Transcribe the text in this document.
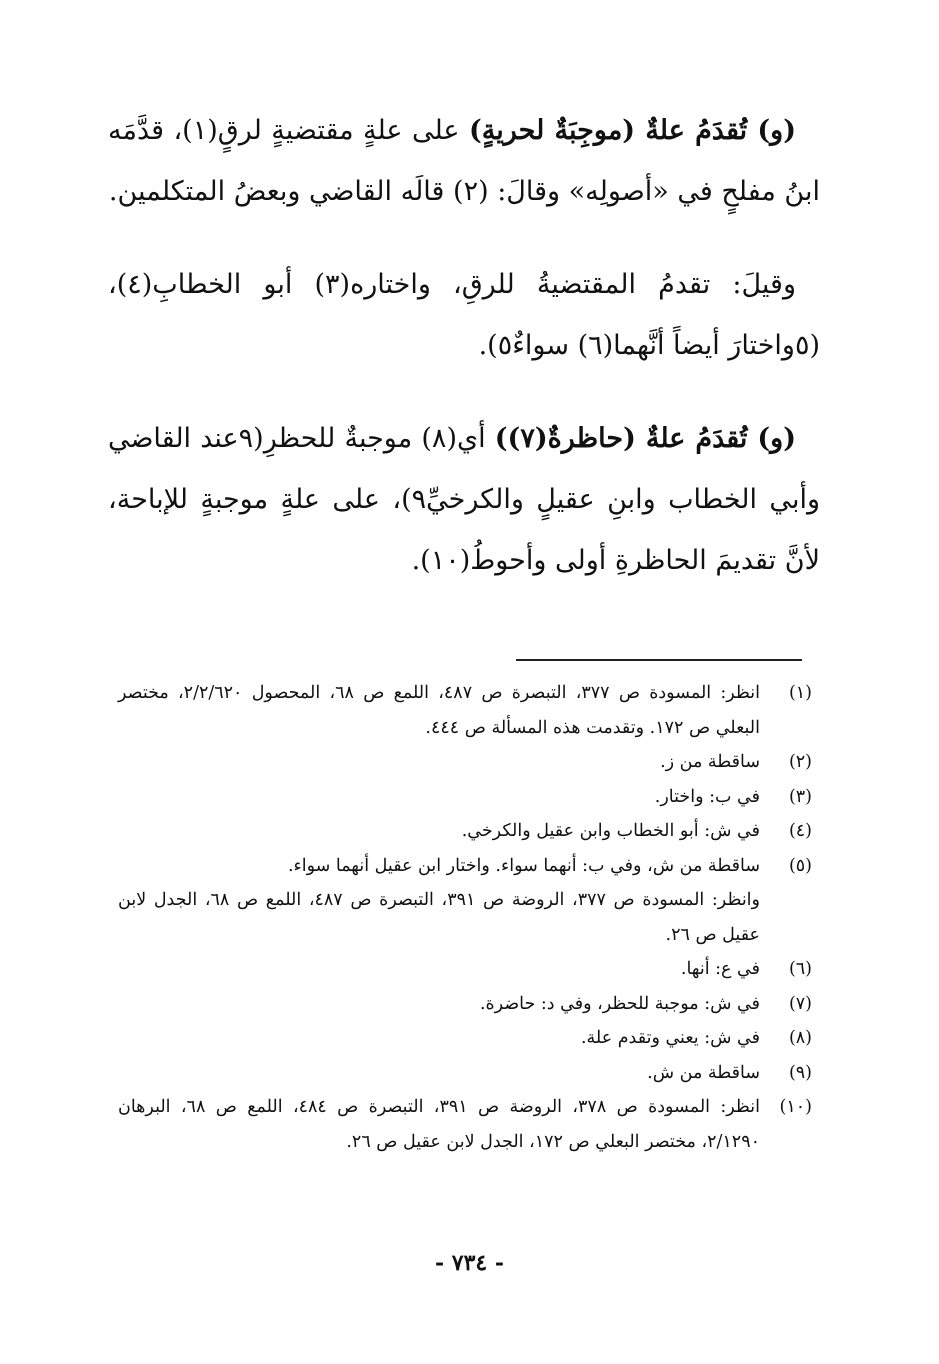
(و) تُقدَمُ علةٌ (موجِبَةٌ لحريةٍ) على علةٍ مقتضيةٍ لرقٍ(١)، قدَّمَه ابنُ مفلحٍ في «أصولِه» وقالَ: (٢) قالَه القاضي وبعضُ المتكلمين.

وقيلَ: تقدمُ المقتضيةُ للرقِ، واختاره(٣) أبو الخطابِ(٤)، (٥واختارَ أيضاً أنَّهما(٦) سواءٌ٥).

(و) تُقدَمُ علةٌ (حاظرةٌ(٧)) أي(٨) موجبةٌ للحظرِ(٩عند القاضي وأبي الخطاب وابنِ عقيلٍ والكرخيِّ٩)، على علةٍ موجبةٍ للإباحة، لأنَّ تقديمَ الحاظرةِ أولى وأحوطُ(١٠).

(١)
انظر: المسودة ص ٣٧٧، التبصرة ص ٤٨٧، اللمع ص ٦٨، المحصول ٢/٢/٦٢٠، مختصر البعلي ص ١٧٢. وتقدمت هذه المسألة ص ٤٤٤.
(٢)
ساقطة من ز.
(٣)
في ب: واختار.
(٤)
في ش: أبو الخطاب وابن عقيل والكرخي.
(٥)
ساقطة من ش، وفي ب: أنهما سواء. واختار ابن عقيل أنهما سواء.
وانظر: المسودة ص ٣٧٧، الروضة ص ٣٩١، التبصرة ص ٤٨٧، اللمع ص ٦٨، الجدل لابن عقيل ص ٢٦.
(٦)
في ع: أنها.
(٧)
في ش: موجبة للحظر، وفي د: حاضرة.
(٨)
في ش: يعني وتقدم علة.
(٩)
ساقطة من ش.
(١٠)
انظر: المسودة ص ٣٧٨، الروضة ص ٣٩١، التبصرة ص ٤٨٤، اللمع ص ٦٨، البرهان ٢/١٢٩٠، مختصر البعلي ص ١٧٢، الجدل لابن عقيل ص ٢٦.
- ٧٣٤ -
